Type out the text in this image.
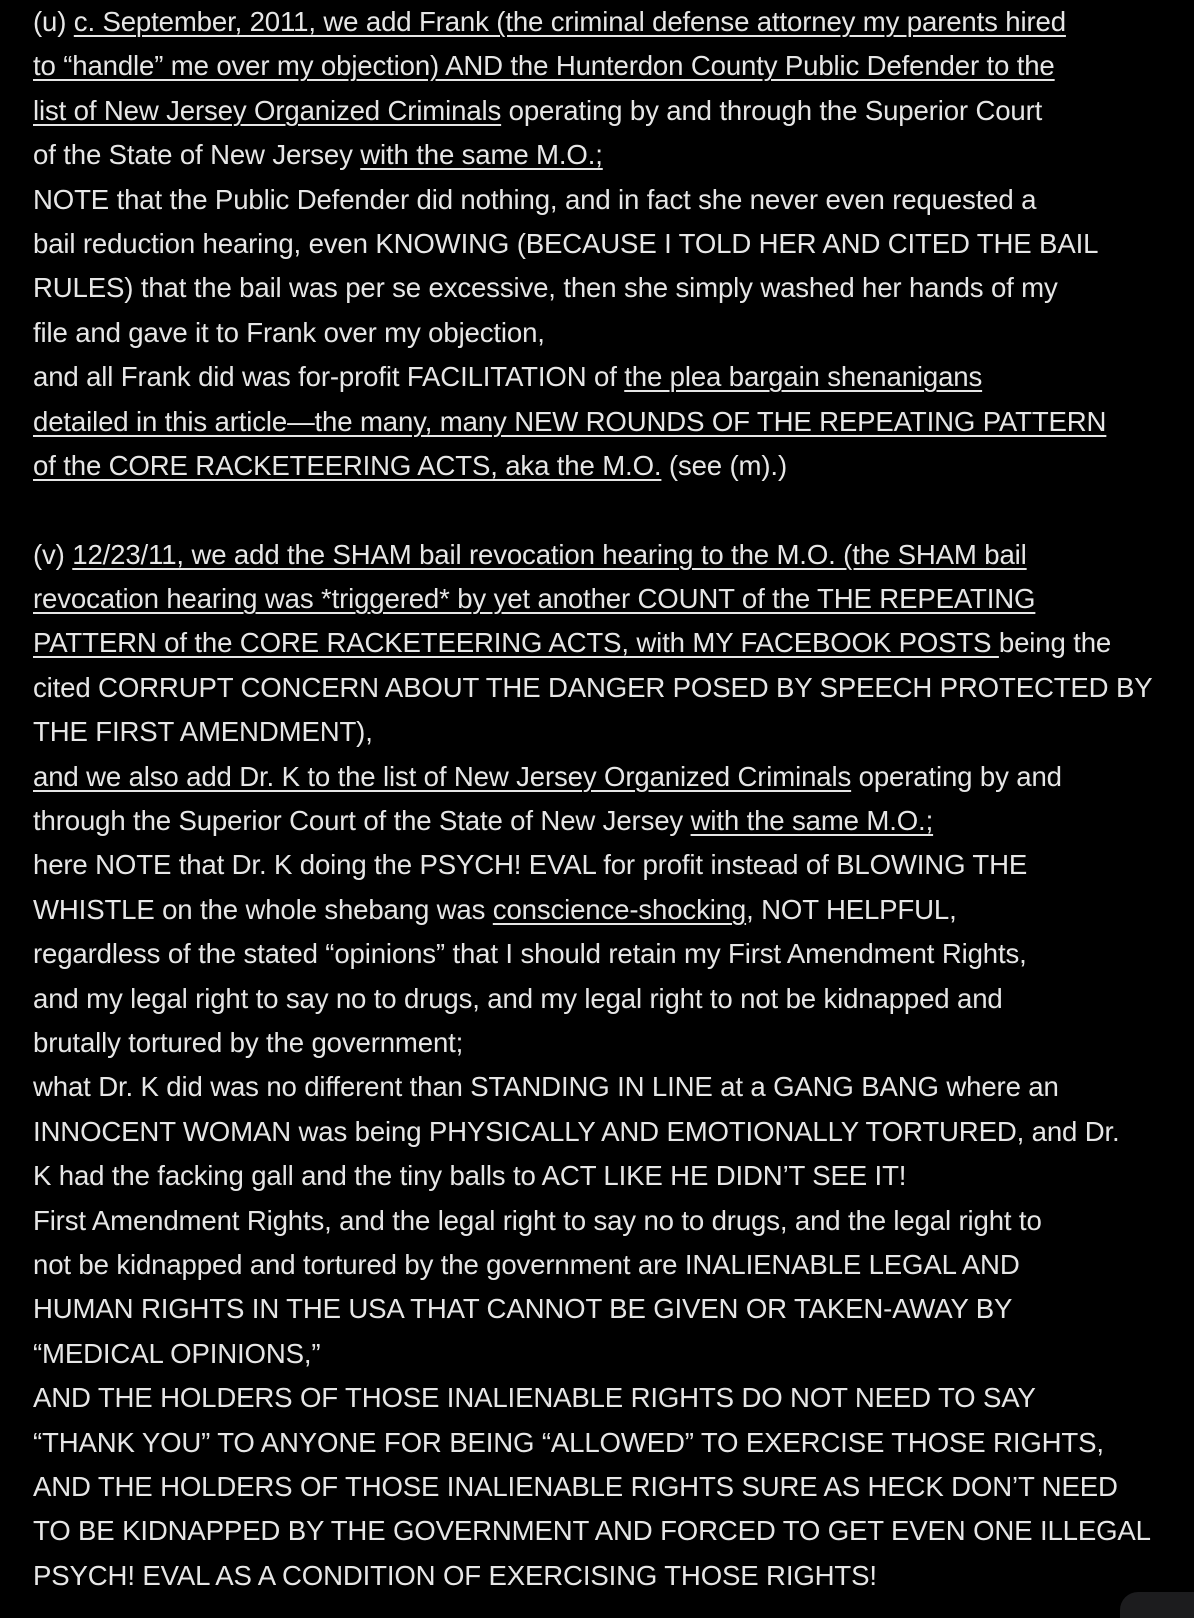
(u) c. September, 2011, we add Frank (the criminal defense attorney my parents hired
to “handle” me over my objection) AND the Hunterdon County Public Defender to the
list of New Jersey Organized Criminals operating by and through the Superior Court
of the State of New Jersey with the same M.O.;
NOTE that the Public Defender did nothing, and in fact she never even requested a
bail reduction hearing, even KNOWING (BECAUSE I TOLD HER AND CITED THE BAIL
RULES) that the bail was per se excessive, then she simply washed her hands of my
file and gave it to Frank over my objection,
and all Frank did was for-profit FACILITATION of the plea bargain shenanigans
detailed in this article—the many, many NEW ROUNDS OF THE REPEATING PATTERN
of the CORE RACKETEERING ACTS, aka the M.O. (see (m).)
(v) 12/23/11, we add the SHAM bail revocation hearing to the M.O. (the SHAM bail
revocation hearing was *triggered* by yet another COUNT of the THE REPEATING
PATTERN of the CORE RACKETEERING ACTS, with MY FACEBOOK POSTS being the
cited CORRUPT CONCERN ABOUT THE DANGER POSED BY SPEECH PROTECTED BY
THE FIRST AMENDMENT),
and we also add Dr. K to the list of New Jersey Organized Criminals operating by and
through the Superior Court of the State of New Jersey with the same M.O.;
here NOTE that Dr. K doing the PSYCH! EVAL for profit instead of BLOWING THE
WHISTLE on the whole shebang was conscience-shocking, NOT HELPFUL,
regardless of the stated “opinions” that I should retain my First Amendment Rights,
and my legal right to say no to drugs, and my legal right to not be kidnapped and
brutally tortured by the government;
what Dr. K did was no different than STANDING IN LINE at a GANG BANG where an
INNOCENT WOMAN was being PHYSICALLY AND EMOTIONALLY TORTURED, and Dr.
K had the facking gall and the tiny balls to ACT LIKE HE DIDN’T SEE IT!
First Amendment Rights, and the legal right to say no to drugs, and the legal right to
not be kidnapped and tortured by the government are INALIENABLE LEGAL AND
HUMAN RIGHTS IN THE USA THAT CANNOT BE GIVEN OR TAKEN-AWAY BY
“MEDICAL OPINIONS,”
AND THE HOLDERS OF THOSE INALIENABLE RIGHTS DO NOT NEED TO SAY
“THANK YOU” TO ANYONE FOR BEING “ALLOWED” TO EXERCISE THOSE RIGHTS,
AND THE HOLDERS OF THOSE INALIENABLE RIGHTS SURE AS HECK DON’T NEED
TO BE KIDNAPPED BY THE GOVERNMENT AND FORCED TO GET EVEN ONE ILLEGAL
PSYCH! EVAL AS A CONDITION OF EXERCISING THOSE RIGHTS!
